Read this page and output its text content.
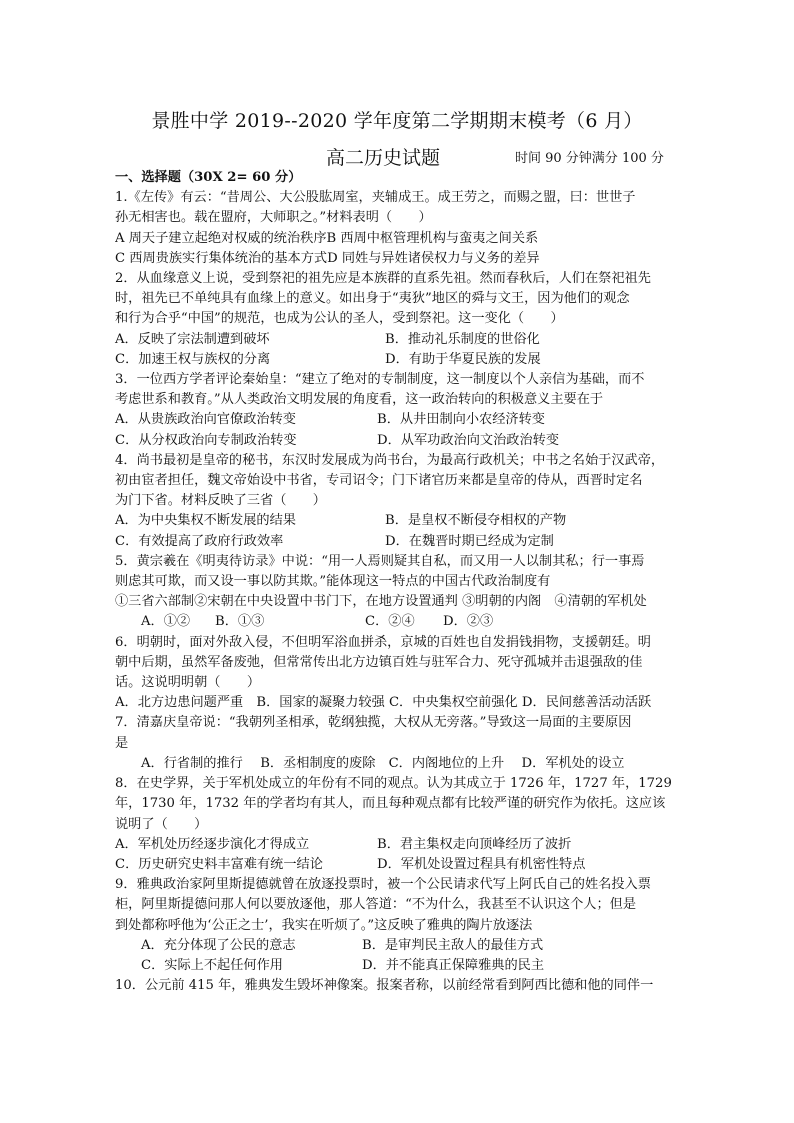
景胜中学 2019--2020 学年度第二学期期末模考（6 月）
高二历史试题	时间 90 分钟满分 100 分
一、选择题（30X 2= 60 分）
1.《左传》有云：“昔周公、大公股肱周室，夹辅成王。成王劳之，而赐之盟，曰：世世子
孙无相害也。载在盟府，大师职之。”材料表明（　　）
A 周天子建立起绝对权威的统治秩序B 西周中枢管理机构与蛮夷之间关系
C 西周贵族实行集体统治的基本方式D 同姓与异姓诸侯权力与义务的差异
2．从血缘意义上说，受到祭祀的祖先应是本族群的直系先祖。然而春秋后，人们在祭祀祖先
时，祖先已不单纯具有血缘上的意义。如出身于“夷狄”地区的舜与文王，因为他们的观念
和行为合乎“中国”的规范，也成为公认的圣人，受到祭祀。这一变化（　　）
A．反映了宗法制遭到破坏	B．推动礼乐制度的世俗化
C．加速王权与族权的分离	D．有助于华夏民族的发展
3．一位西方学者评论秦始皇：“建立了绝对的专制制度，这一制度以个人亲信为基础，而不
考虑世系和教育。”从人类政治文明发展的角度看，这一政治转向的积极意义主要在于
A．从贵族政治向官僚政治转变	B．从井田制向小农经济转变
C．从分权政治向专制政治转变	D．从军功政治向文治政治转变
4．尚书最初是皇帝的秘书，东汉时发展成为尚书台，为最高行政机关；中书之名始于汉武帝，
初由宦者担任，魏文帝始设中书省，专司诏令；门下诸官历来都是皇帝的侍从，西晋时定名
为门下省。材料反映了三省（　　）
A．为中央集权不断发展的结果	B．是皇权不断侵夺相权的产物
C．有效提高了政府行政效率	D．在魏晋时期已经成为定制
5．黄宗羲在《明夷待访录》中说：“用一人焉则疑其自私，而又用一人以制其私；行一事焉
则虑其可欺，而又设一事以防其欺。”能体现这一特点的中国古代政治制度有
①三省六部制②宋朝在中央设置中书门下，在地方设置通判 ③明朝的内阁　④清朝的军机处
A．①②	B．①③	C．②④	D．②③
6．明朝时，面对外敌入侵，不但明军浴血拼杀，京城的百姓也自发捐钱捐物，支援朝廷。明
朝中后期，虽然军备废弛，但常常传出北方边镇百姓与驻军合力、死守孤城并击退强敌的佳
话。这说明明朝（　　）
A．北方边患问题严重　B．国家的凝聚力较强 C．中央集权空前强化 D．民间慈善活动活跃
7．清嘉庆皇帝说：“我朝列圣相承，乾纲独揽，大权从无旁落。”导致这一局面的主要原因
是
A．行省制的推行　 B．丞相制度的废除　C．内阁地位的上升　 D．军机处的设立
8．在史学界，关于军机处成立的年份有不同的观点。认为其成立于 1726 年，1727 年，1729
年，1730 年，1732 年的学者均有其人，而且每种观点都有比较严谨的研究作为依托。这应该
说明了（　　）
A．军机处历经逐步演化才得成立	B．君主集权走向顶峰经历了波折
C．历史研究史料丰富难有统一结论	D．军机处设置过程具有机密性特点
9．雅典政治家阿里斯提德就曾在放逐投票时，被一个公民请求代写上阿氏自己的姓名投入票
柜，阿里斯提德问那人何以要放逐他，那人答道：“不为什么，我甚至不认识这个人；但是
到处都称呼他为‘公正之士’，我实在听烦了。”这反映了雅典的陶片放逐法
A．充分体现了公民的意志	B．是审判民主敌人的最佳方式
C．实际上不起任何作用	D．并不能真正保障雅典的民主
10．公元前 415 年，雅典发生毁坏神像案。报案者称，以前经常看到阿西比德和他的同伴一
